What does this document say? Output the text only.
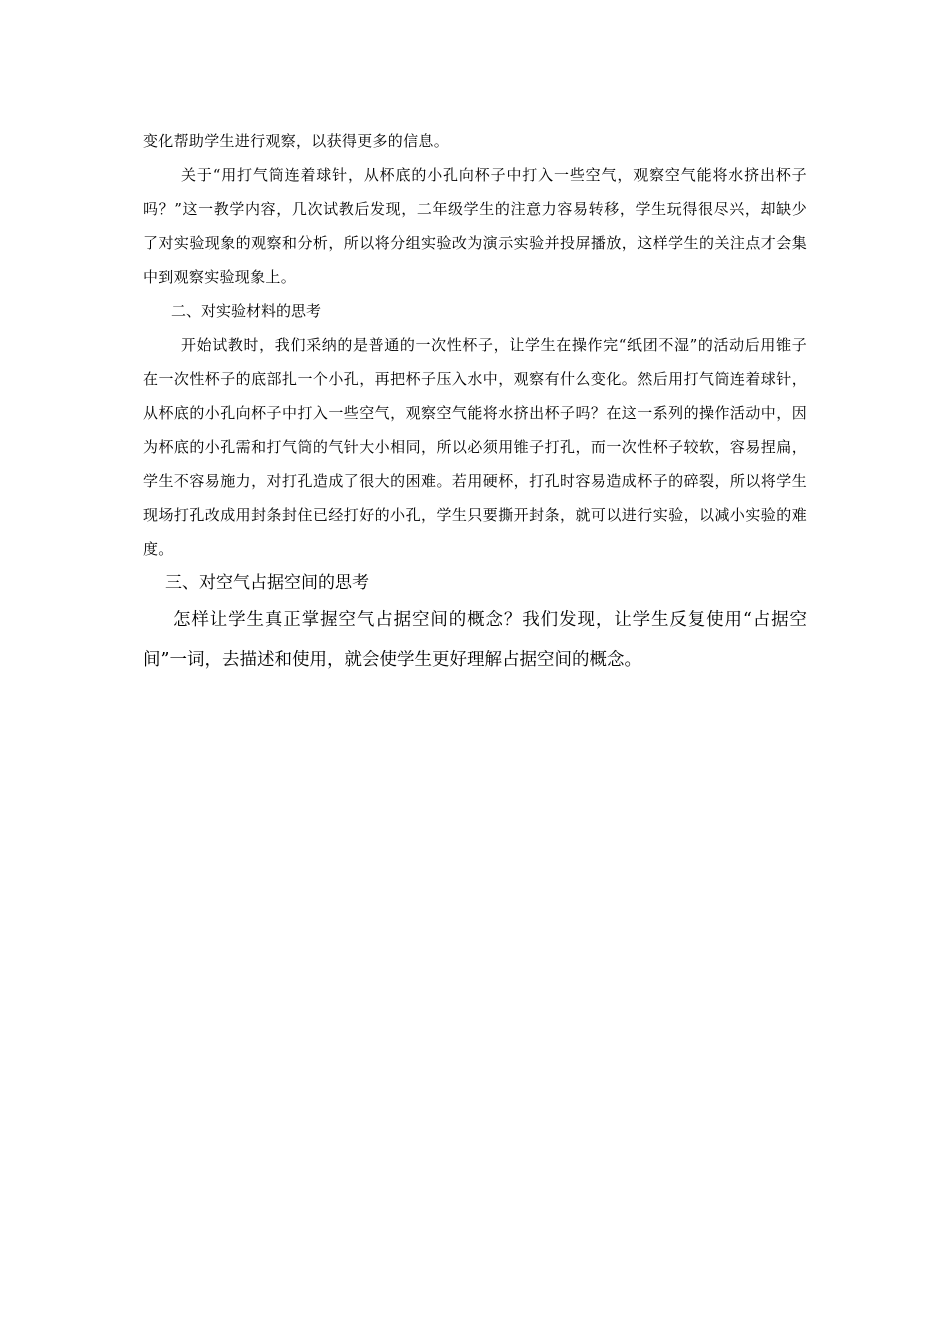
变化帮助学生进行观察，以获得更多的信息。

关于“用打气筒连着球针，从杯底的小孔向杯子中打入一些空气，观察空气能将水挤出杯子吗？”这一教学内容，几次试教后发现，二年级学生的注意力容易转移，学生玩得很尽兴，却缺少了对实验现象的观察和分析，所以将分组实验改为演示实验并投屏播放，这样学生的关注点才会集中到观察实验现象上。

二、对实验材料的思考

开始试教时，我们采纳的是普通的一次性杯子，让学生在操作完“纸团不湿”的活动后用锥子在一次性杯子的底部扎一个小孔，再把杯子压入水中，观察有什么变化。然后用打气筒连着球针，从杯底的小孔向杯子中打入一些空气，观察空气能将水挤出杯子吗？在这一系列的操作活动中，因为杯底的小孔需和打气筒的气针大小相同，所以必须用锥子打孔，而一次性杯子较软，容易捏扁，学生不容易施力，对打孔造成了很大的困难。若用硬杯，打孔时容易造成杯子的碎裂，所以将学生现场打孔改成用封条封住已经打好的小孔，学生只要撕开封条，就可以进行实验，以减小实验的难度。

三、对空气占据空间的思考

怎样让学生真正掌握空气占据空间的概念？我们发现，让学生反复使用“占据空间”一词，去描述和使用，就会使学生更好理解占据空间的概念。
